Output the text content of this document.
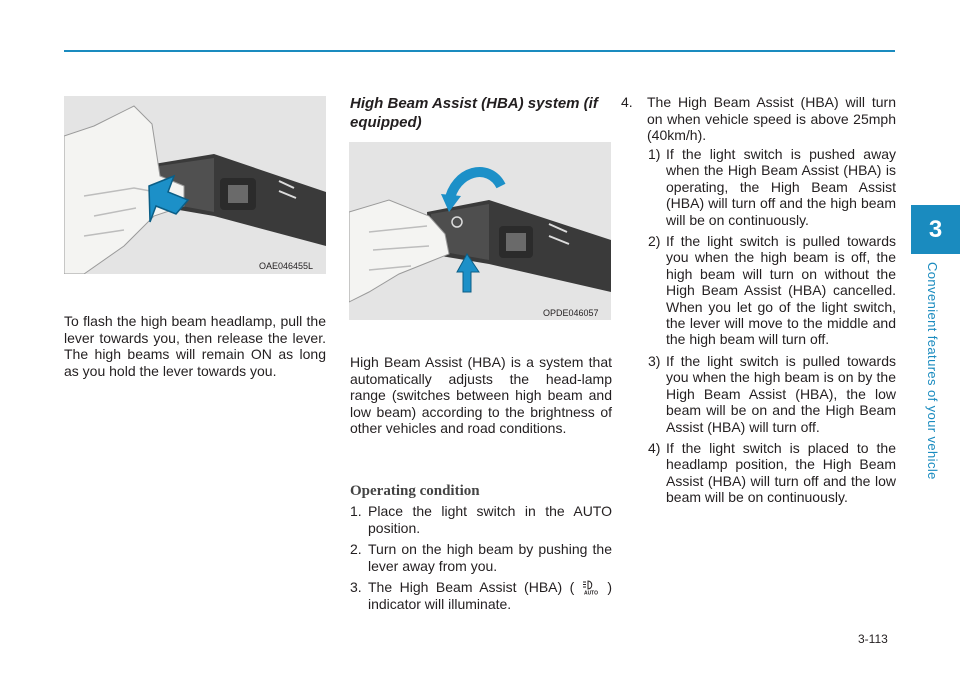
3
Convenient features of your vehicle
OAE046455L

To flash the high beam headlamp, pull the lever towards you, then release the lever. The high beams will remain ON as long as you hold the lever towards you.

High Beam Assist (HBA) system (if equipped)
OPDE046057

High Beam Assist (HBA) is a system that automatically adjusts the head-lamp range (switches between high beam and low beam) according to the brightness of other vehicles and road conditions.

Operating condition
1. Place the light switch in the AUTO position.
2. Turn on the high beam by pushing the lever away from you.
3. The High Beam Assist (HBA) ( AUTO ) indicator will illuminate.
4.	The High Beam Assist (HBA) will turn on when vehicle speed is above 25mph (40km/h).
1) If the light switch is pushed away when the High Beam Assist (HBA) is operating, the High Beam Assist (HBA) will turn off and the high beam will be on continuously.
2) If the light switch is pulled towards you when the high beam is off, the high beam will turn on without the High Beam Assist (HBA) cancelled. When you let go of the light switch, the lever will move to the middle and the high beam will turn off.
3) If the light switch is pulled towards you when the high beam is on by the High Beam Assist (HBA), the low beam will be on and the High Beam Assist (HBA) will turn off.
4) If the light switch is placed to the headlamp position, the High Beam Assist (HBA) will turn off and the low beam will be on continuously.
3-113
